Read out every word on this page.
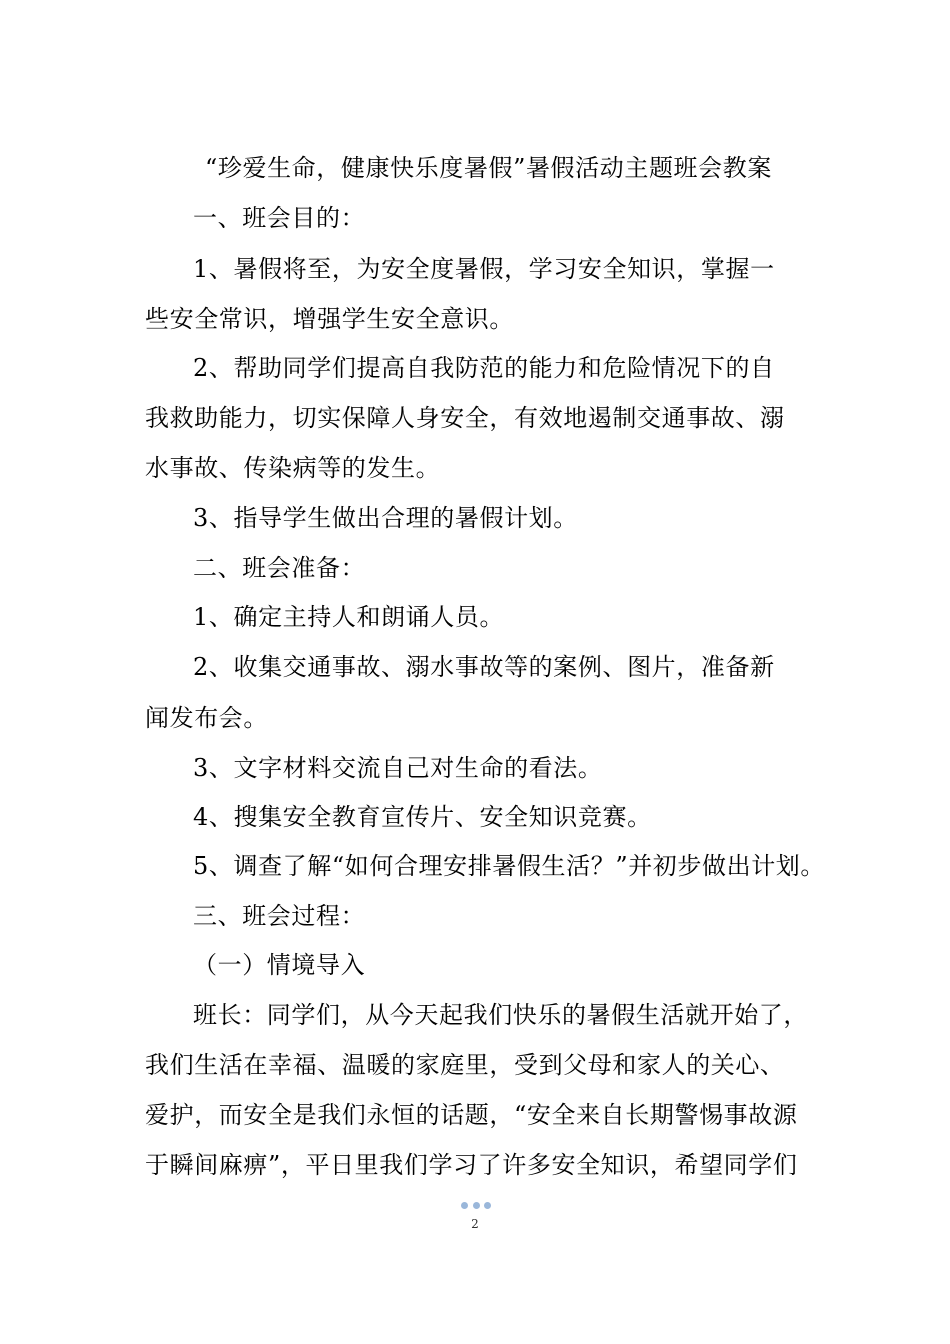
“珍爱生命，健康快乐度暑假”暑假活动主题班会教案
一、班会目的：
1、暑假将至，为安全度暑假，学习安全知识，掌握一
些安全常识，增强学生安全意识。
2、帮助同学们提高自我防范的能力和危险情况下的自
我救助能力，切实保障人身安全，有效地遏制交通事故、溺
水事故、传染病等的发生。
3、指导学生做出合理的暑假计划。
二、班会准备：
1、确定主持人和朗诵人员。
2、收集交通事故、溺水事故等的案例、图片，准备新
闻发布会。
3、文字材料交流自己对生命的看法。
4、搜集安全教育宣传片、安全知识竞赛。
5、调查了解“如何合理安排暑假生活？”并初步做出计划。
三、班会过程：
（一）情境导入
班长：同学们，从今天起我们快乐的暑假生活就开始了，
我们生活在幸福、温暖的家庭里，受到父母和家人的关心、
爱护，而安全是我们永恒的话题，“安全来自长期警惕事故源
于瞬间麻痹”，平日里我们学习了许多安全知识，希望同学们
2
